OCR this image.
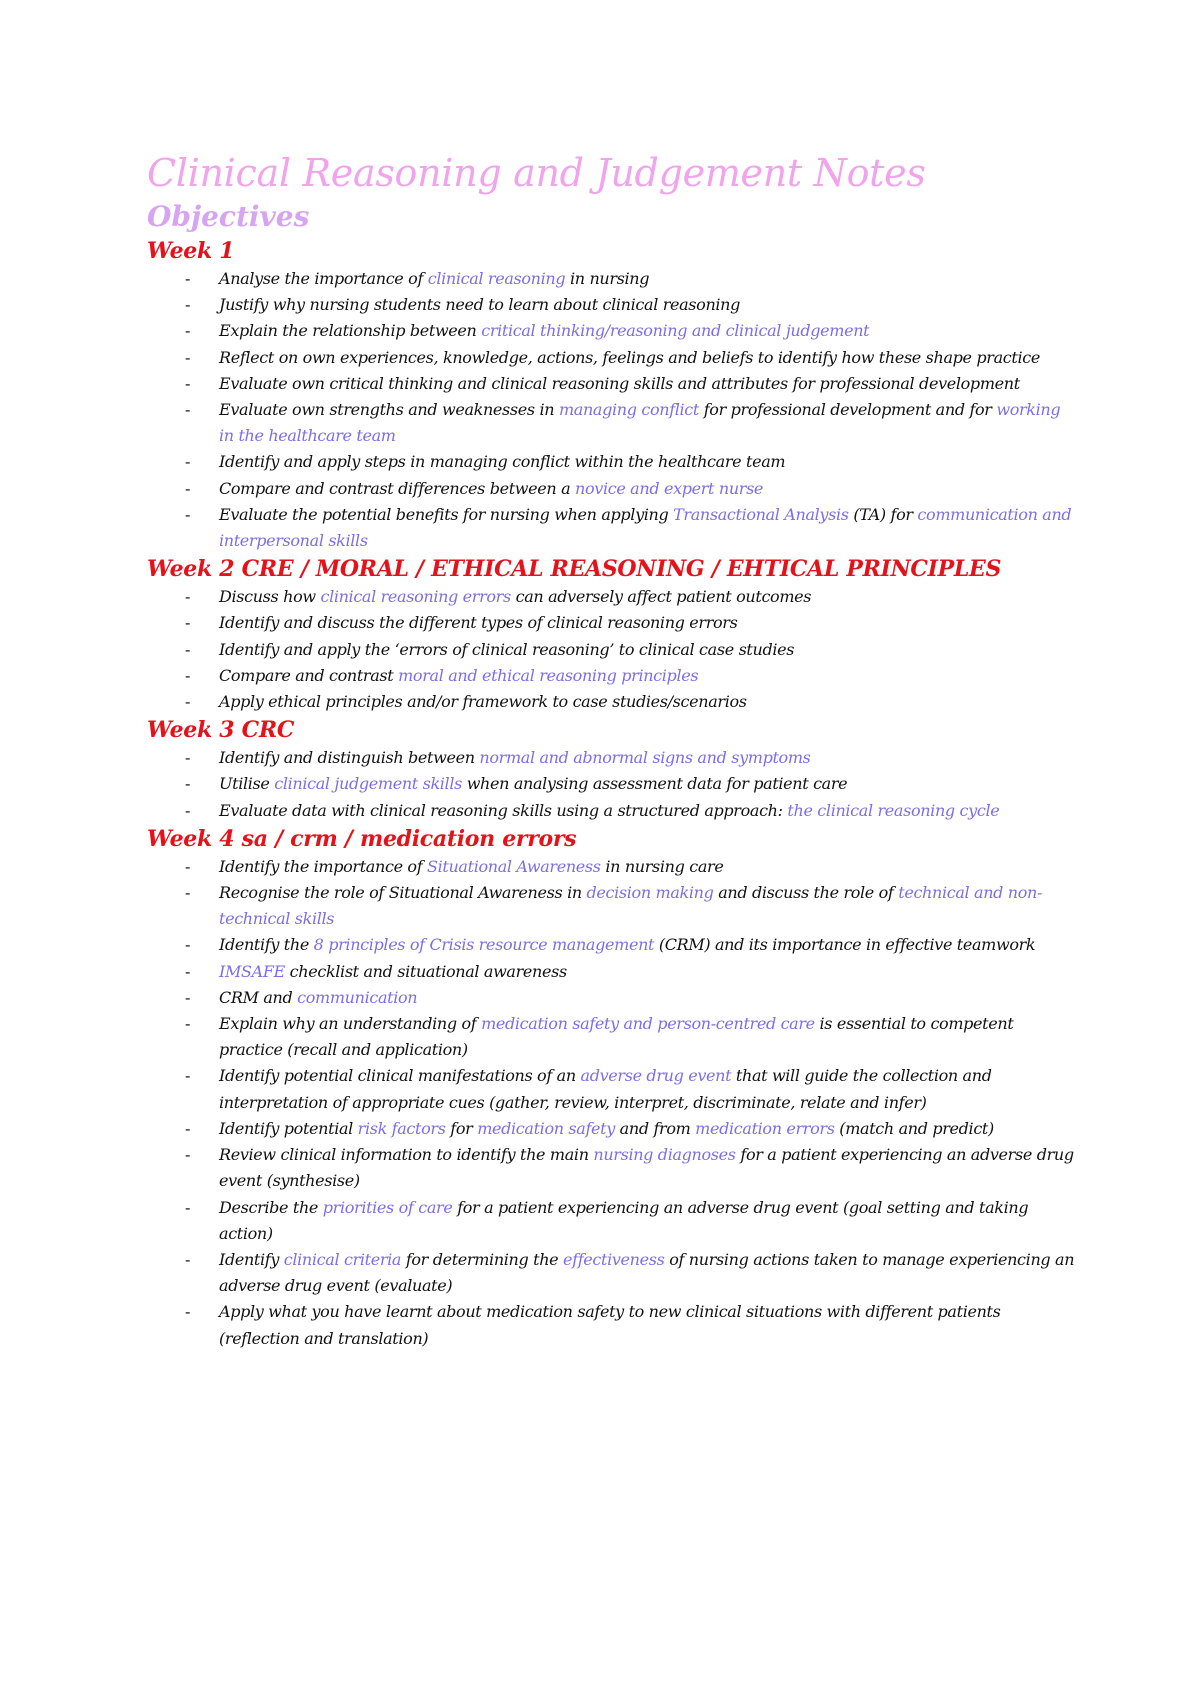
Clinical Reasoning and Judgement Notes
Objectives
Week 1
- Analyse the importance of clinical reasoning in nursing
- Justify why nursing students need to learn about clinical reasoning
- Explain the relationship between critical thinking/reasoning and clinical judgement
- Reflect on own experiences, knowledge, actions, feelings and beliefs to identify how these shape practice
- Evaluate own critical thinking and clinical reasoning skills and attributes for professional development
- Evaluate own strengths and weaknesses in managing conflict for professional development and for working in the healthcare team
- Identify and apply steps in managing conflict within the healthcare team
- Compare and contrast differences between a novice and expert nurse
- Evaluate the potential benefits for nursing when applying Transactional Analysis (TA) for communication and interpersonal skills
Week 2 CRE / MORAL / ETHICAL REASONING / EHTICAL PRINCIPLES
- Discuss how clinical reasoning errors can adversely affect patient outcomes
- Identify and discuss the different types of clinical reasoning errors
- Identify and apply the ‘errors of clinical reasoning’ to clinical case studies
- Compare and contrast moral and ethical reasoning principles
- Apply ethical principles and/or framework to case studies/scenarios
Week 3 CRC
- Identify and distinguish between normal and abnormal signs and symptoms
- Utilise clinical judgement skills when analysing assessment data for patient care
- Evaluate data with clinical reasoning skills using a structured approach: the clinical reasoning cycle
Week 4 sa / crm / medication errors
- Identify the importance of Situational Awareness in nursing care
- Recognise the role of Situational Awareness in decision making and discuss the role of technical and non-technical skills
- Identify the 8 principles of Crisis resource management (CRM) and its importance in effective teamwork
- IMSAFE checklist and situational awareness
- CRM and communication
- Explain why an understanding of medication safety and person-centred care is essential to competent practice (recall and application)
- Identify potential clinical manifestations of an adverse drug event that will guide the collection and interpretation of appropriate cues (gather, review, interpret, discriminate, relate and infer)
- Identify potential risk factors for medication safety and from medication errors (match and predict)
- Review clinical information to identify the main nursing diagnoses for a patient experiencing an adverse drug event (synthesise)
- Describe the priorities of care for a patient experiencing an adverse drug event (goal setting and taking action)
- Identify clinical criteria for determining the effectiveness of nursing actions taken to manage experiencing an adverse drug event (evaluate)
- Apply what you have learnt about medication safety to new clinical situations with different patients (reflection and translation)
